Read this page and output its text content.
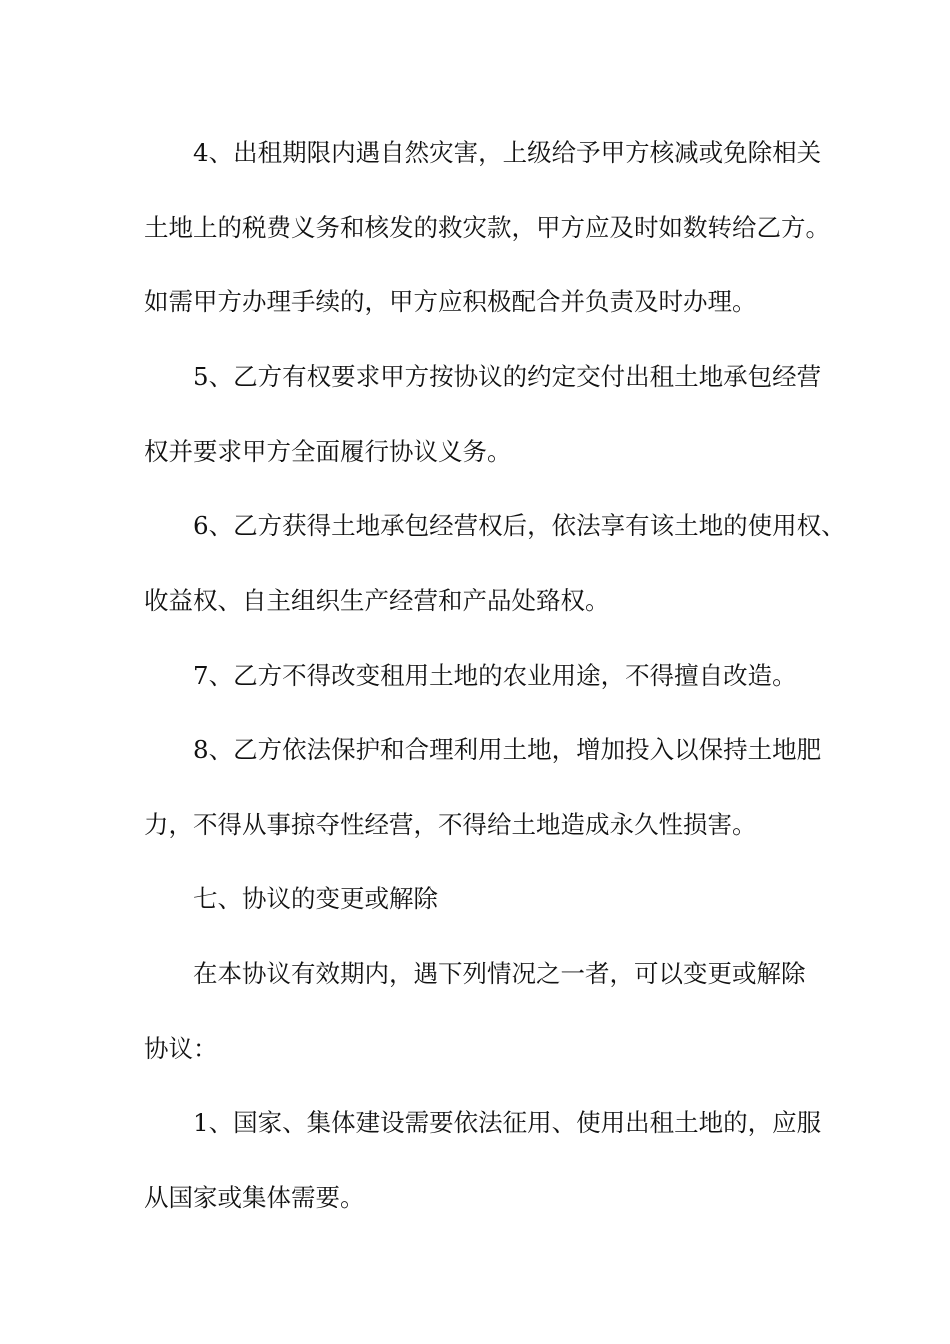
4、出租期限内遇自然灾害，上级给予甲方核减或免除相关
土地上的税费义务和核发的救灾款，甲方应及时如数转给乙方。
如需甲方办理手续的，甲方应积极配合并负责及时办理。
5、乙方有权要求甲方按协议的约定交付出租土地承包经营
权并要求甲方全面履行协议义务。
6、乙方获得土地承包经营权后，依法享有该土地的使用权、
收益权、自主组织生产经营和产品处臵权。
7、乙方不得改变租用土地的农业用途，不得擅自改造。
8、乙方依法保护和合理利用土地，增加投入以保持土地肥
力，不得从事掠夺性经营，不得给土地造成永久性损害。
七、协议的变更或解除
在本协议有效期内，遇下列情况之一者，可以变更或解除
协议：
1、国家、集体建设需要依法征用、使用出租土地的，应服
从国家或集体需要。
